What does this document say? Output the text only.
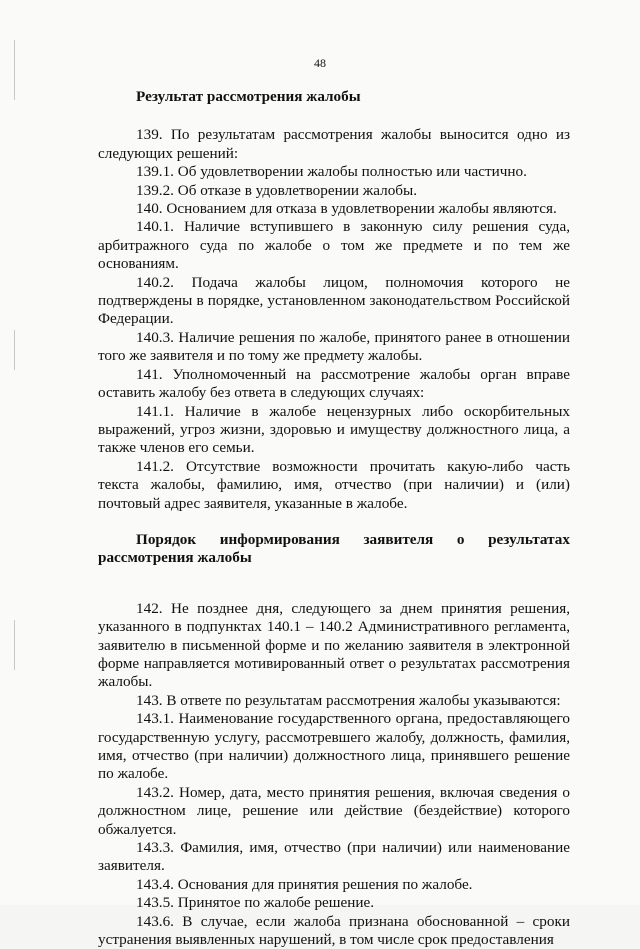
48
Результат рассмотрения жалобы

139. По результатам рассмотрения жалобы выносится одно из следующих решений:

139.1. Об удовлетворении жалобы полностью или частично.

139.2. Об отказе в удовлетворении жалобы.

140. Основанием для отказа в удовлетворении жалобы являются.

140.1. Наличие вступившего в законную силу решения суда, арбитражного суда по жалобе о том же предмете и по тем же основаниям.

140.2. Подача жалобы лицом, полномочия которого не подтверждены в порядке, установленном законодательством Российской Федерации.

140.3. Наличие решения по жалобе, принятого ранее в отношении того же заявителя и по тому же предмету жалобы.

141. Уполномоченный на рассмотрение жалобы орган вправе оставить жалобу без ответа в следующих случаях:

141.1. Наличие в жалобе нецензурных либо оскорбительных выражений, угроз жизни, здоровью и имуществу должностного лица, а также членов его семьи.

141.2. Отсутствие возможности прочитать какую-либо часть текста жалобы, фамилию, имя, отчество (при наличии) и (или) почтовый адрес заявителя, указанные в жалобе.

Порядок информирования заявителя о результатах
рассмотрения жалобы

142. Не позднее дня, следующего за днем принятия решения, указанного в подпунктах 140.1 – 140.2 Административного регламента, заявителю в письменной форме и по желанию заявителя в электронной форме направляется мотивированный ответ о результатах рассмотрения жалобы.

143. В ответе по результатам рассмотрения жалобы указываются:

143.1. Наименование государственного органа, предоставляющего государственную услугу, рассмотревшего жалобу, должность, фамилия, имя, отчество (при наличии) должностного лица, принявшего решение по жалобе.

143.2. Номер, дата, место принятия решения, включая сведения о должностном лице, решение или действие (бездействие) которого обжалуется.

143.3. Фамилия, имя, отчество (при наличии) или наименование заявителя.

143.4. Основания для принятия решения по жалобе.

143.5. Принятое по жалобе решение.

143.6. В случае, если жалоба признана обоснованной – сроки устранения выявленных нарушений, в том числе срок предоставления
